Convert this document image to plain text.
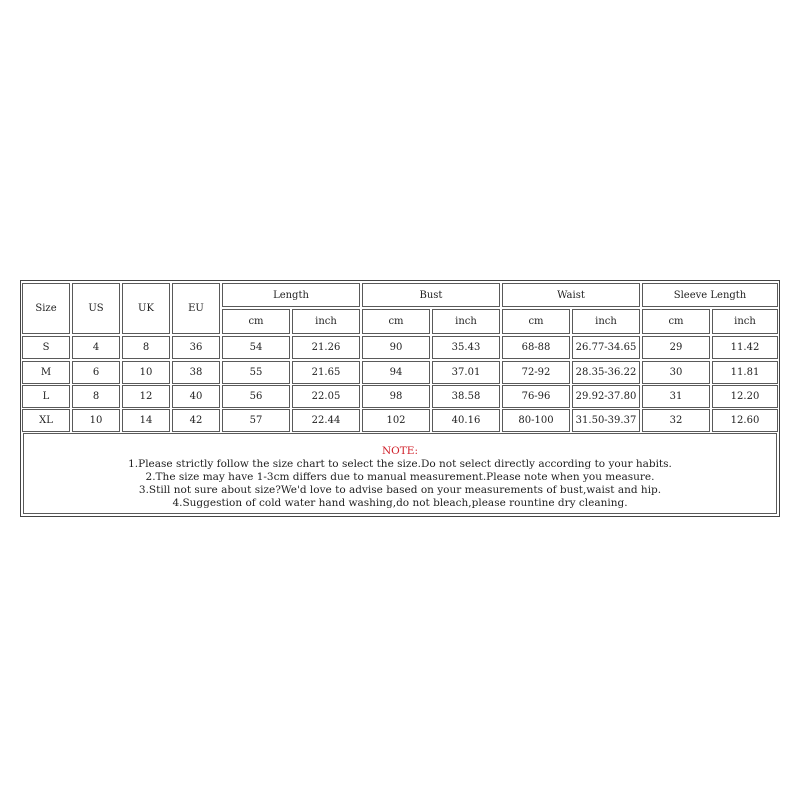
Size	US	UK	EU
Length	Bust	Waist	Sleeve Length
cm	inch	cm	inch	cm	inch	cm	inch
S	4	8	36	54	21.26	90	35.43	68-88	26.77-34.65	29	11.42
M	6	10	38	55	21.65	94	37.01	72-92	28.35-36.22	30	11.81
L	8	12	40	56	22.05	98	38.58	76-96	29.92-37.80	31	12.20
XL	10	14	42	57	22.44	102	40.16	80-100	31.50-39.37	32	12.60
NOTE:
1.Please strictly follow the size chart to select the size.Do not select directly according to your habits.
2.The size may have 1-3cm differs due to manual measurement.Please note when you measure.
3.Still not sure about size?We'd love to advise based on your measurements of bust,waist and hip.
4.Suggestion of cold water hand washing,do not bleach,please rountine dry cleaning.
